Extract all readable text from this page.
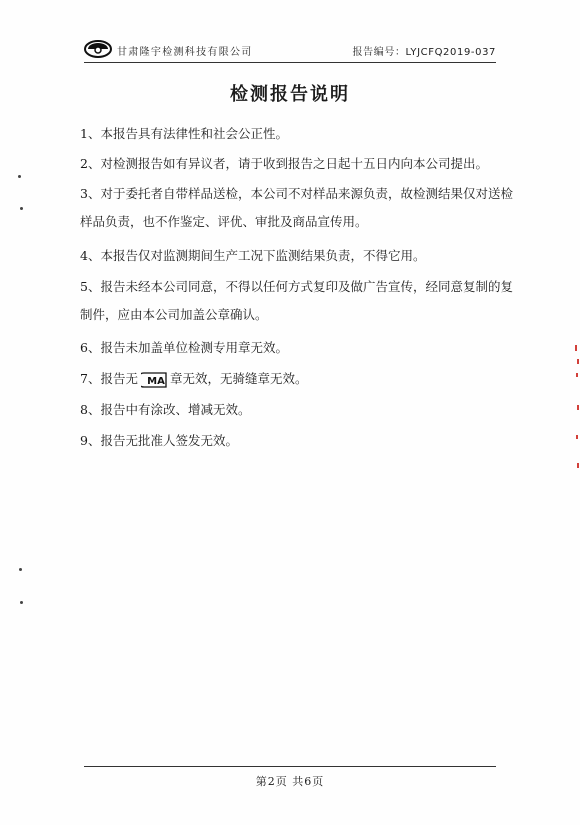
甘肃隆宇检测科技有限公司	报告编号：LYJCFQ2019-037
检测报告说明
1、本报告具有法律性和社会公正性。
2、对检测报告如有异议者，请于收到报告之日起十五日内向本公司提出。
3、对于委托者自带样品送检，本公司不对样品来源负责，故检测结果仅对送检
样品负责，也不作鉴定、评优、审批及商品宣传用。
4、本报告仅对监测期间生产工况下监测结果负责，不得它用。
5、报告未经本公司同意，不得以任何方式复印及做广告宣传，经同意复制的复
制件，应由本公司加盖公章确认。
6、报告未加盖单位检测专用章无效。
7、报告无 MA 章无效，无骑缝章无效。
8、报告中有涂改、增减无效。
9、报告无批准人签发无效。
第2页 共6页
